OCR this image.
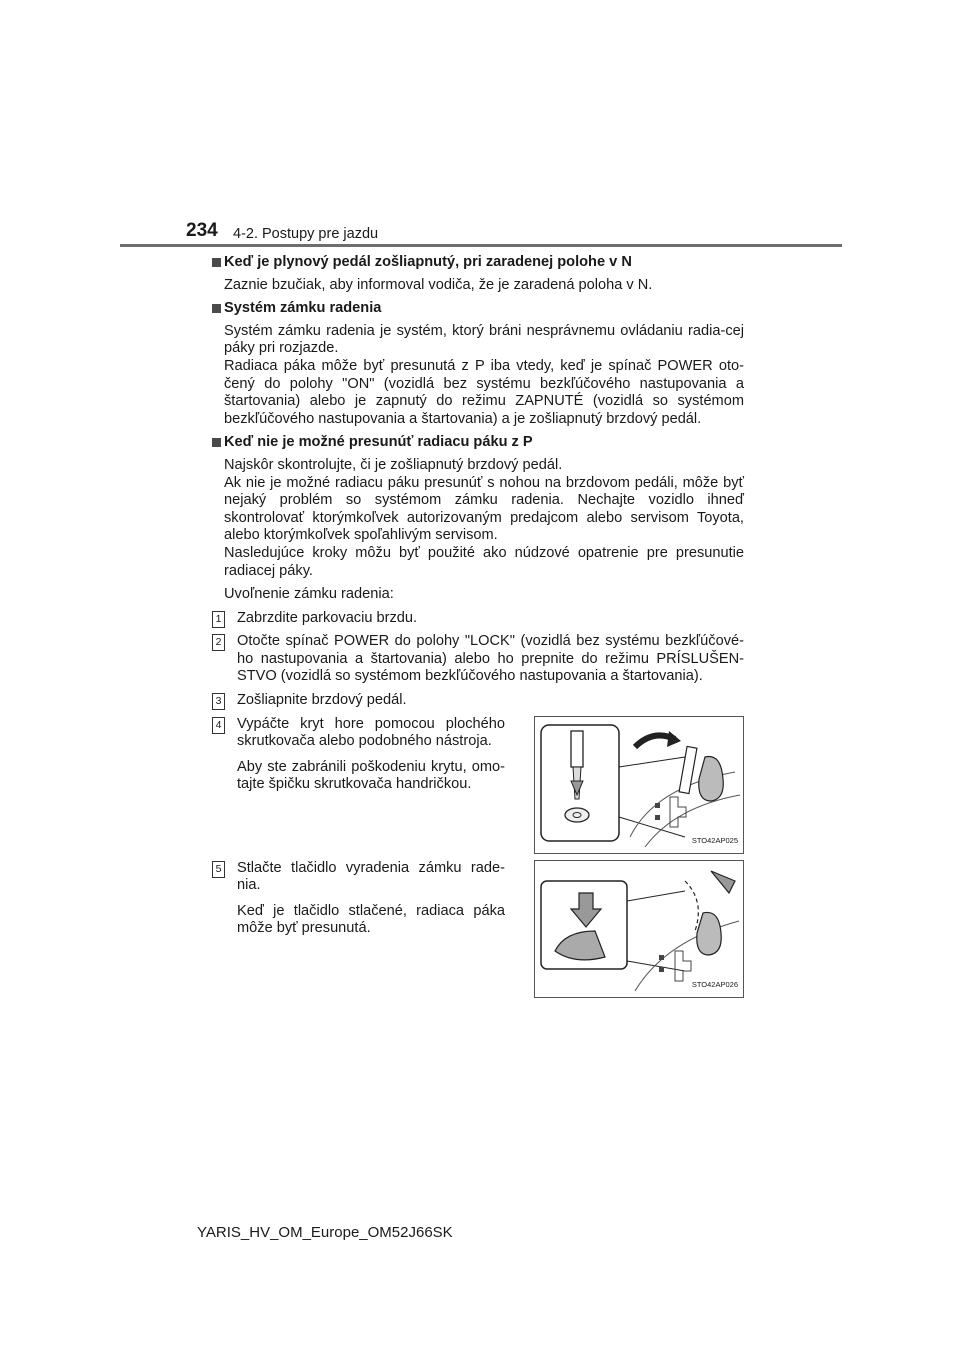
234 4-2. Postupy pre jazdu
Keď je plynový pedál zošliapnutý, pri zaradenej polohe v N
Zaznie bzučiak, aby informoval vodiča, že je zaradená poloha v N.
Systém zámku radenia
Systém zámku radenia je systém, ktorý bráni nesprávnemu ovládaniu radia-cej páky pri rozjazde.
Radiaca páka môže byť presunutá z P iba vtedy, keď je spínač POWER oto-čený do polohy "ON" (vozidlá bez systému bezkľúčového nastupovania a štartovania) alebo je zapnutý do režimu ZAPNUTÉ (vozidlá so systémom bezkľúčového nastupovania a štartovania) a je zošliapnutý brzdový pedál.
Keď nie je možné presunúť radiacu páku z P
Najskôr skontrolujte, či je zošliapnutý brzdový pedál.
Ak nie je možné radiacu páku presunúť s nohou na brzdovom pedáli, môže byť nejaký problém so systémom zámku radenia. Nechajte vozidlo ihneď skontrolovať ktorýmkoľvek autorizovaným predajcom alebo servisom Toyota, alebo ktorýmkoľvek spoľahlivým servisom.
Nasledujúce kroky môžu byť použité ako núdzové opatrenie pre presunutie radiacej páky.
Uvoľnenie zámku radenia:
1 Zabrzdite parkovaciu brzdu.
2 Otočte spínač POWER do polohy "LOCK" (vozidlá bez systému bezkľúčové-ho nastupovania a štartovania) alebo ho prepnite do režimu PRÍSLUŠEN-STVO (vozidlá so systémom bezkľúčového nastupovania a štartovania).
3 Zošliapnite brzdový pedál.
4 Vypáčte kryt hore pomocou plochého skrutkovača alebo podobného nástroja.
Aby ste zabránili poškodeniu krytu, omo-tajte špičku skrutkovača handričkou.
STO42AP025
5 Stlačte tlačidlo vyradenia zámku rade-nia.
Keď je tlačidlo stlačené, radiaca páka môže byť presunutá.
STO42AP026
YARIS_HV_OM_Europe_OM52J66SK
